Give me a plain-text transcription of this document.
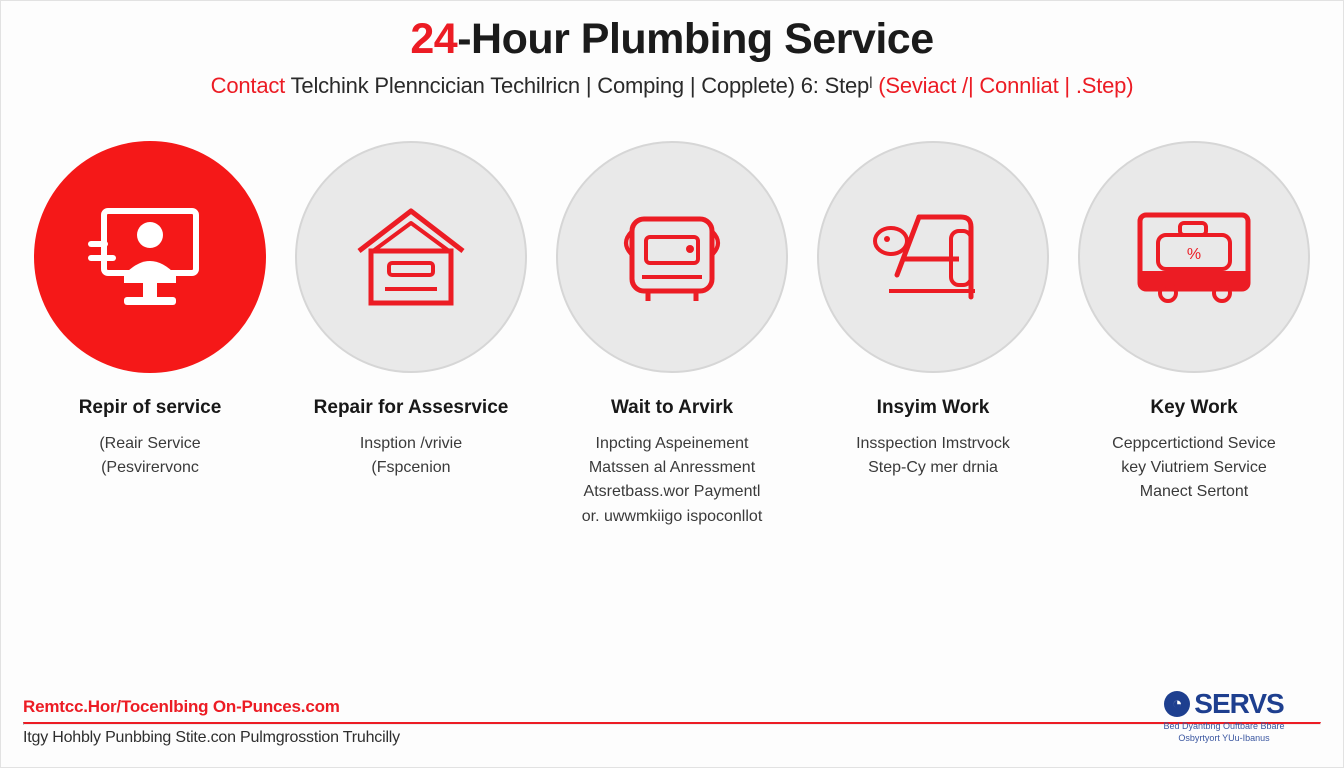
24-Hour Plumbing Service
Contact Telchink Plenncician Techilricn | Comping | Copplete) 6: Stepˡ (Seviact /| Connliat | .Step)
Repir of service
(Reair Service
(Pesvirervonc
Repair for Assesrvice
Insption /vrivie
(Fspcenion
Wait to Arvirk
Inpcting Aspeinement
Matssen al Anressment
Atsretbass.wor Paymentl
or. uwwmkiigo ispoconllot
Insyim Work
Insspection Imstrvock
Step-Cy mer drnia
%
Key Work
Ceppcertictiond Sevice
key Viutriem Service
Manect Sertont
Remtcc.Hor/Tocenlbing On-Punces.com
Itgy Hohbly Punbbing Stite.con Pulmgrosstion Truhcilly
◔ SERVS
Bed Dyantbng Ouftbare Bbare
Osbyrtyort YUu-Ibanus
